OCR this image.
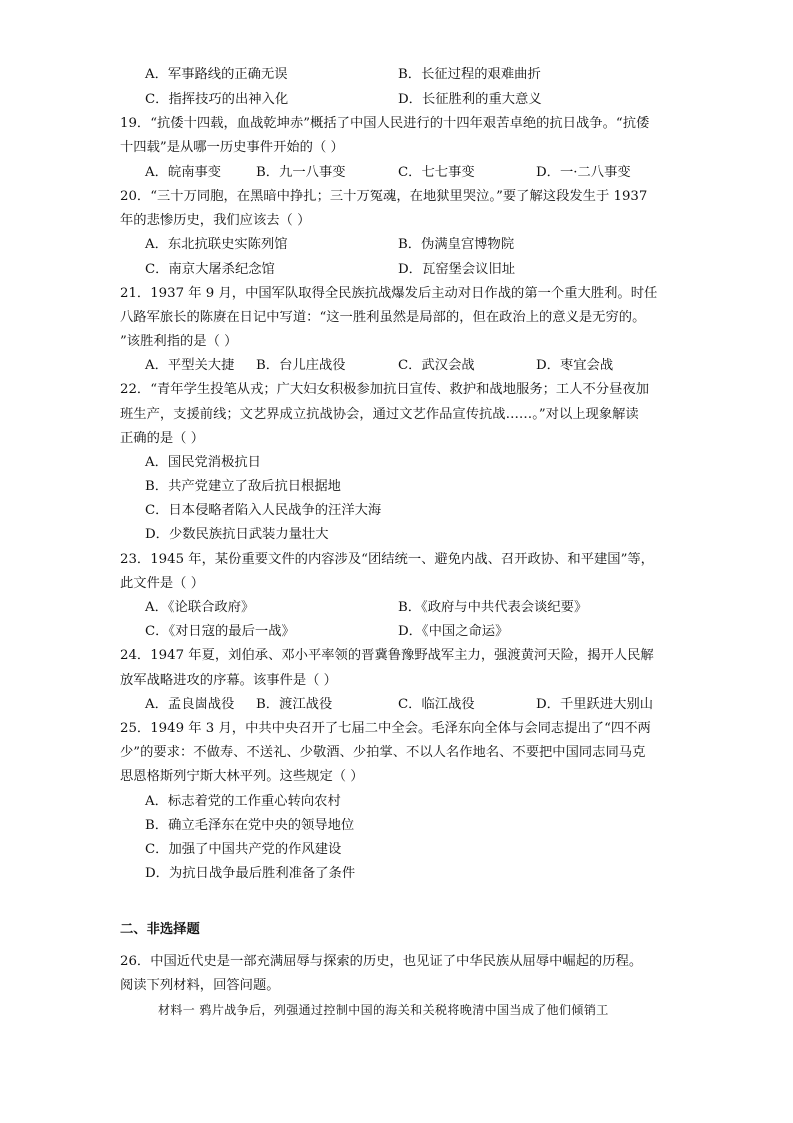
A．军事路线的正确无误	B．长征过程的艰难曲折
C．指挥技巧的出神入化	D．长征胜利的重大意义
19．“抗倭十四载，血战乾坤赤”概括了中国人民进行的十四年艰苦卓绝的抗日战争。“抗倭
十四载”是从哪一历史事件开始的（ ）
A．皖南事变	B．九一八事变	C．七七事变	D．一·二八事变
20．“三十万同胞，在黑暗中挣扎；三十万冤魂，在地狱里哭泣。”要了解这段发生于 1937
年的悲惨历史，我们应该去（ ）
A．东北抗联史实陈列馆	B．伪满皇宫博物院
C．南京大屠杀纪念馆	D．瓦窑堡会议旧址
21．1937 年 9 月，中国军队取得全民族抗战爆发后主动对日作战的第一个重大胜利。时任
八路军旅长的陈赓在日记中写道：“这一胜利虽然是局部的，但在政治上的意义是无穷的。
”该胜利指的是（ ）
A．平型关大捷 B．台儿庄战役	C．武汉会战	D．枣宜会战
22．“青年学生投笔从戎；广大妇女积极参加抗日宣传、救护和战地服务；工人不分昼夜加
班生产，支援前线；文艺界成立抗战协会，通过文艺作品宣传抗战……。”对以上现象解读
正确的是（ ）
A．国民党消极抗日
B．共产党建立了敌后抗日根据地
C．日本侵略者陷入人民战争的汪洋大海
D．少数民族抗日武装力量壮大
23．1945 年，某份重要文件的内容涉及“团结统一、避免内战、召开政协、和平建国”等，
此文件是（ ）
A．《论联合政府》	B．《政府与中共代表会谈纪要》
C．《对日寇的最后一战》	D．《中国之命运》
24．1947 年夏，刘伯承、邓小平率领的晋冀鲁豫野战军主力，强渡黄河天险，揭开人民解
放军战略进攻的序幕。该事件是（ ）
A．孟良崮战役 B．渡江战役	C．临江战役	D．千里跃进大别山
25．1949 年 3 月，中共中央召开了七届二中全会。毛泽东向全体与会同志提出了“四不两
少”的要求：不做寿、不送礼、少敬酒、少拍掌、不以人名作地名、不要把中国同志同马克
思恩格斯列宁斯大林平列。这些规定（ ）
A．标志着党的工作重心转向农村
B．确立毛泽东在党中央的领导地位
C．加强了中国共产党的作风建设
D．为抗日战争最后胜利准备了条件
二、非选择题
26．中国近代史是一部充满屈辱与探索的历史，也见证了中华民族从屈辱中崛起的历程。
阅读下列材料，回答问题。
材料一 鸦片战争后，列强通过控制中国的海关和关税将晚清中国当成了他们倾销工
